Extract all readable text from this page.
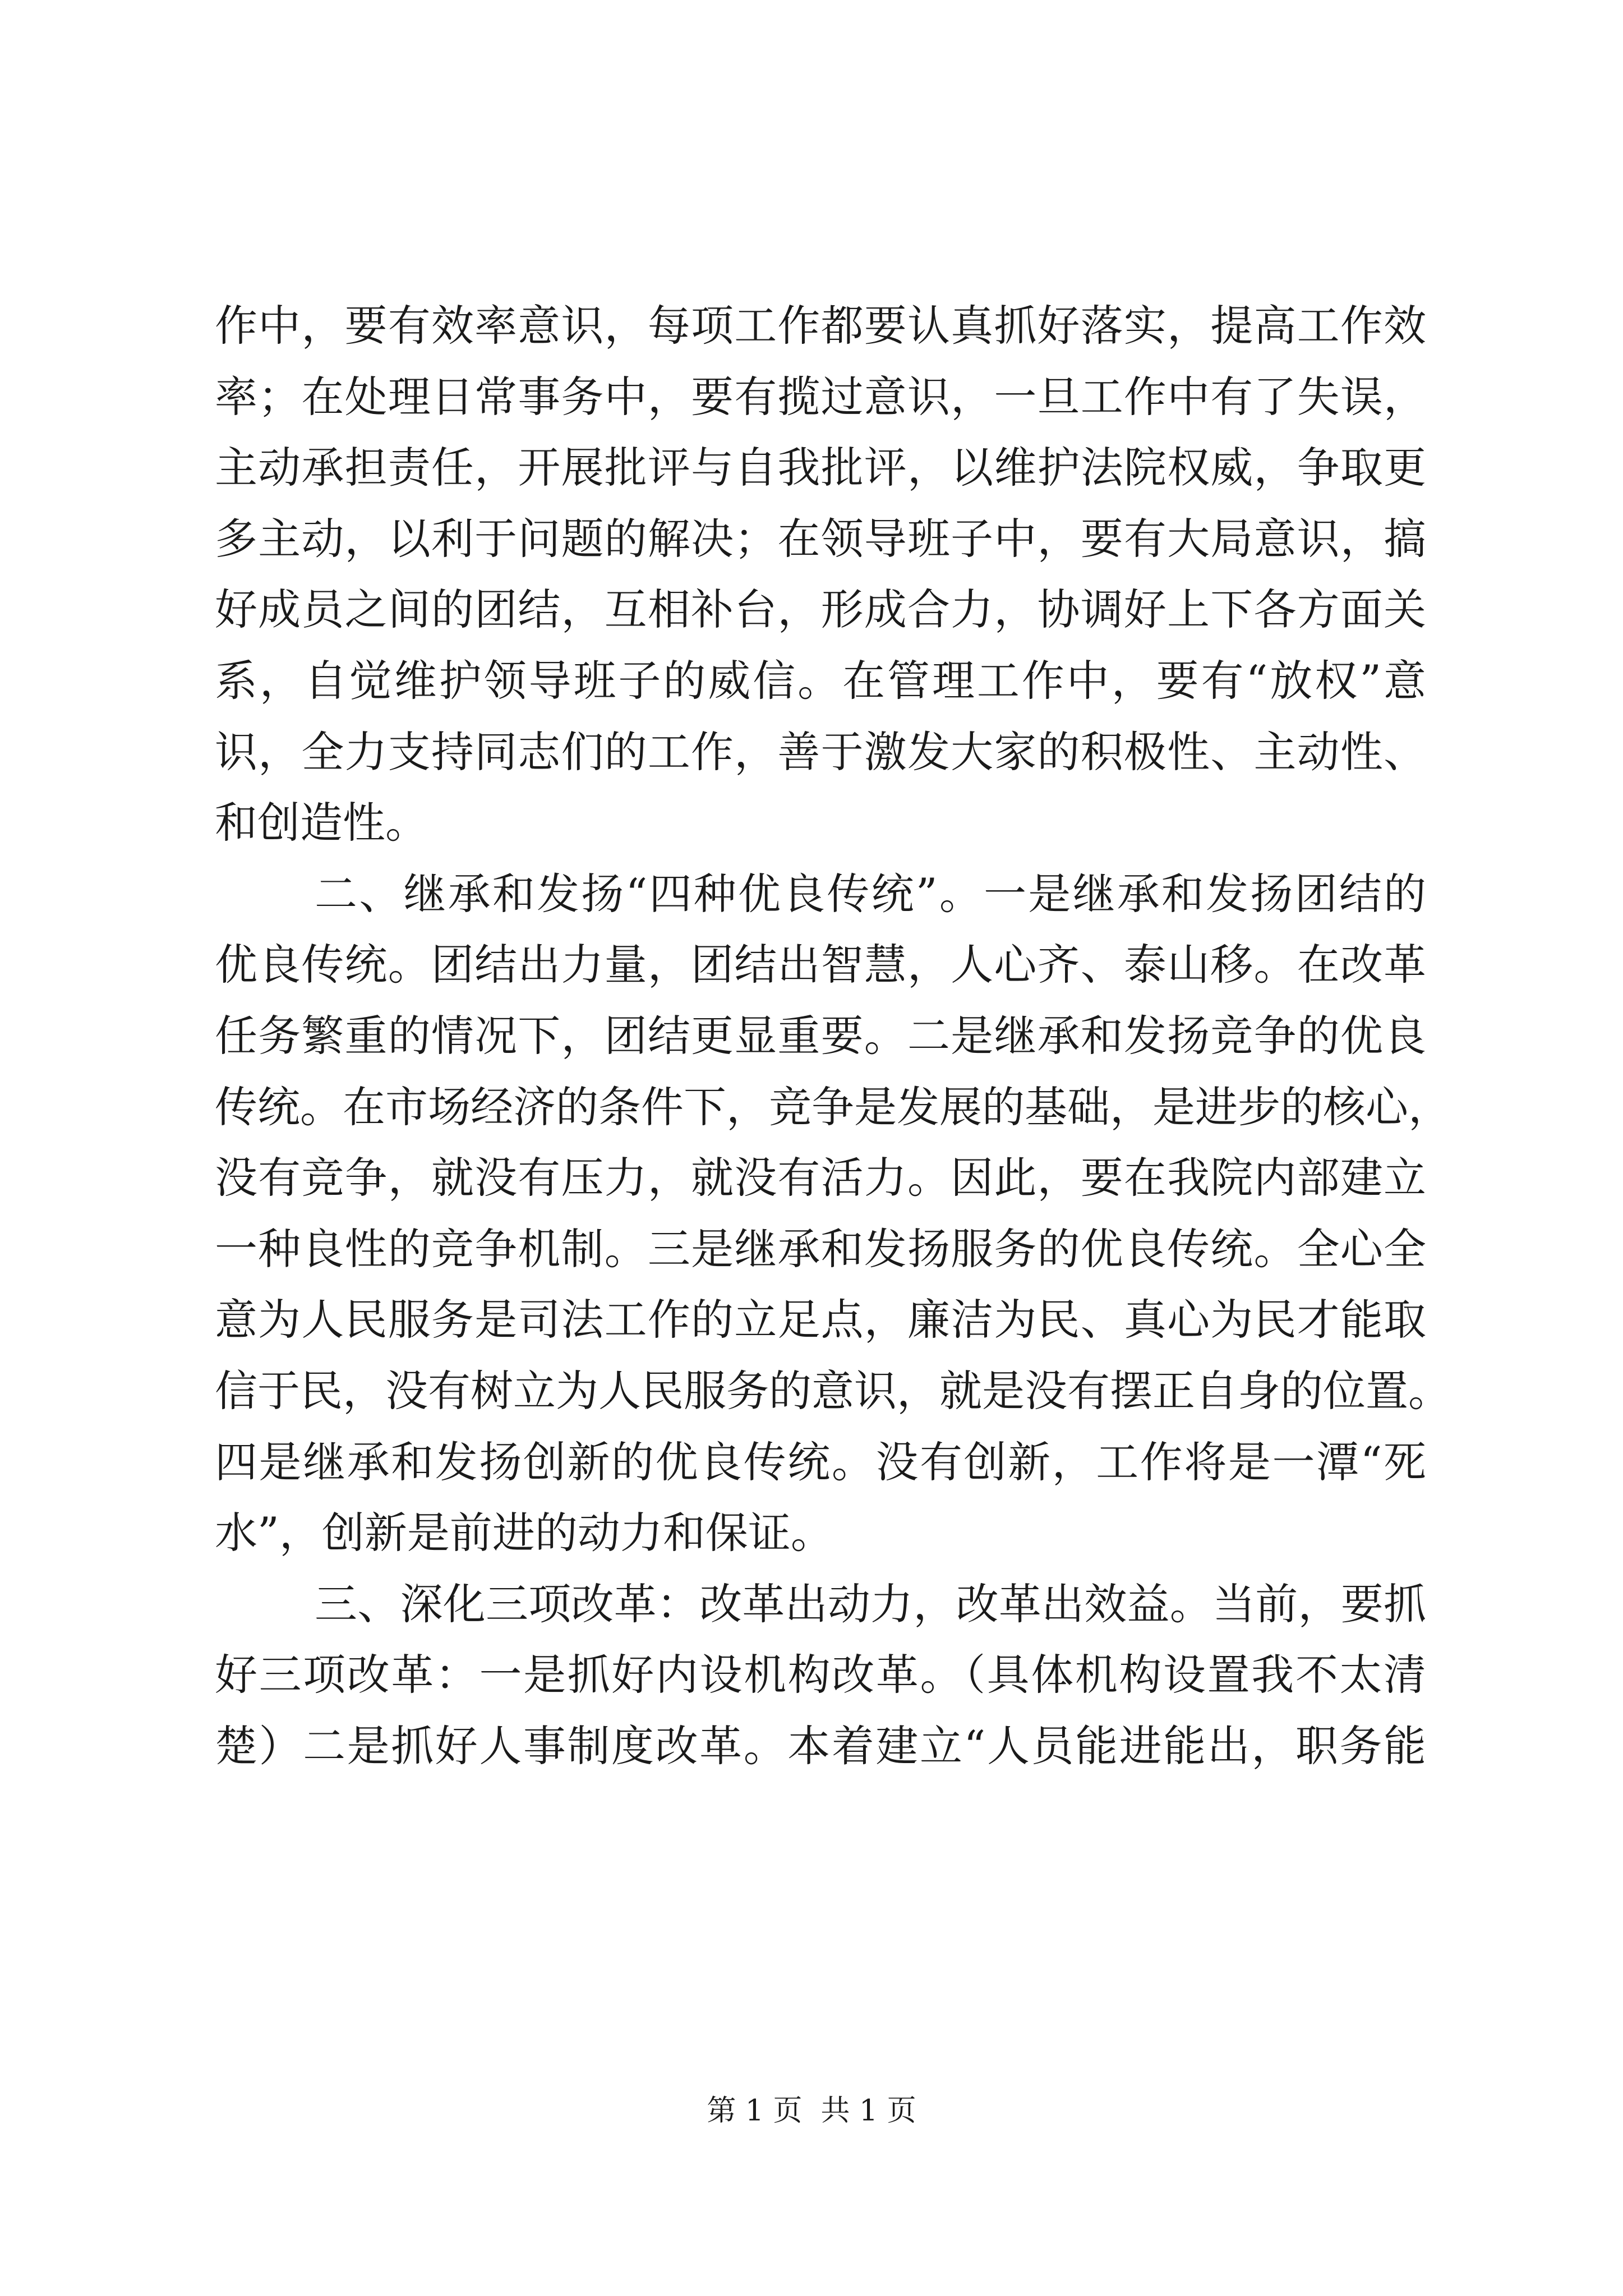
作中，要有效率意识，每项工作都要认真抓好落实，提高工作效
率；在处理日常事务中，要有揽过意识，一旦工作中有了失误，
主动承担责任，开展批评与自我批评，以维护法院权威，争取更
多主动，以利于问题的解决；在领导班子中，要有大局意识，搞
好成员之间的团结，互相补台，形成合力，协调好上下各方面关
系，自觉维护领导班子的威信。在管理工作中，要有“放权”意
识，全力支持同志们的工作，善于激发大家的积极性、主动性、
和创造性。
二、继承和发扬“四种优良传统”。一是继承和发扬团结的
优良传统。团结出力量，团结出智慧，人心齐、泰山移。在改革
任务繁重的情况下，团结更显重要。二是继承和发扬竞争的优良
传统。在市场经济的条件下，竞争是发展的基础，是进步的核心，
没有竞争，就没有压力，就没有活力。因此，要在我院内部建立
一种良性的竞争机制。三是继承和发扬服务的优良传统。全心全
意为人民服务是司法工作的立足点，廉洁为民、真心为民才能取
信于民，没有树立为人民服务的意识，就是没有摆正自身的位置。
四是继承和发扬创新的优良传统。没有创新，工作将是一潭“死
水”，创新是前进的动力和保证。
三、深化三项改革：改革出动力，改革出效益。当前，要抓
好三项改革：一是抓好内设机构改革。（具体机构设置我不太清
楚）二是抓好人事制度改革。本着建立“人员能进能出，职务能
第 1 页  共 1 页
